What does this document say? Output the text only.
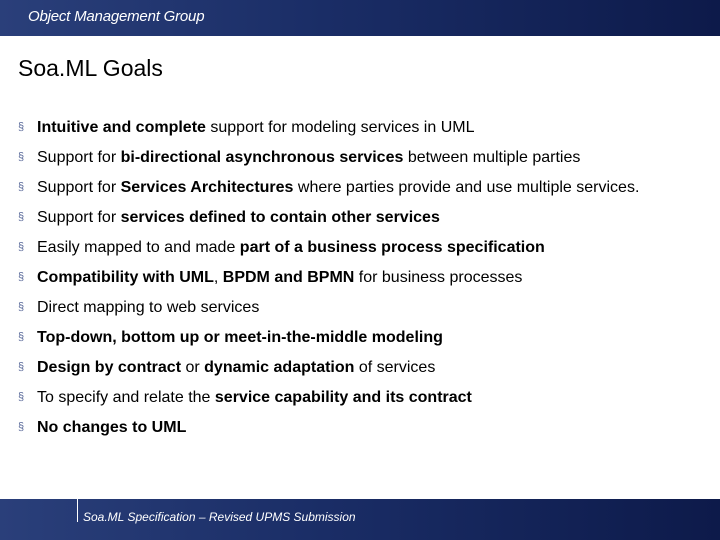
Object Management Group
Soa.ML Goals
§ Intuitive and complete support for modeling services in UML
§ Support for bi-directional asynchronous services between multiple parties
§ Support for Services Architectures where parties provide and use multiple services.
§ Support for services defined to contain other services
§ Easily mapped to and made part of a business process specification
§ Compatibility with UML, BPDM and BPMN for business processes
§ Direct mapping to web services
§ Top-down, bottom up or meet-in-the-middle modeling
§ Design by contract or dynamic adaptation of services
§ To specify and relate the service capability and its contract
§ No changes to UML
Soa.ML Specification – Revised UPMS Submission
